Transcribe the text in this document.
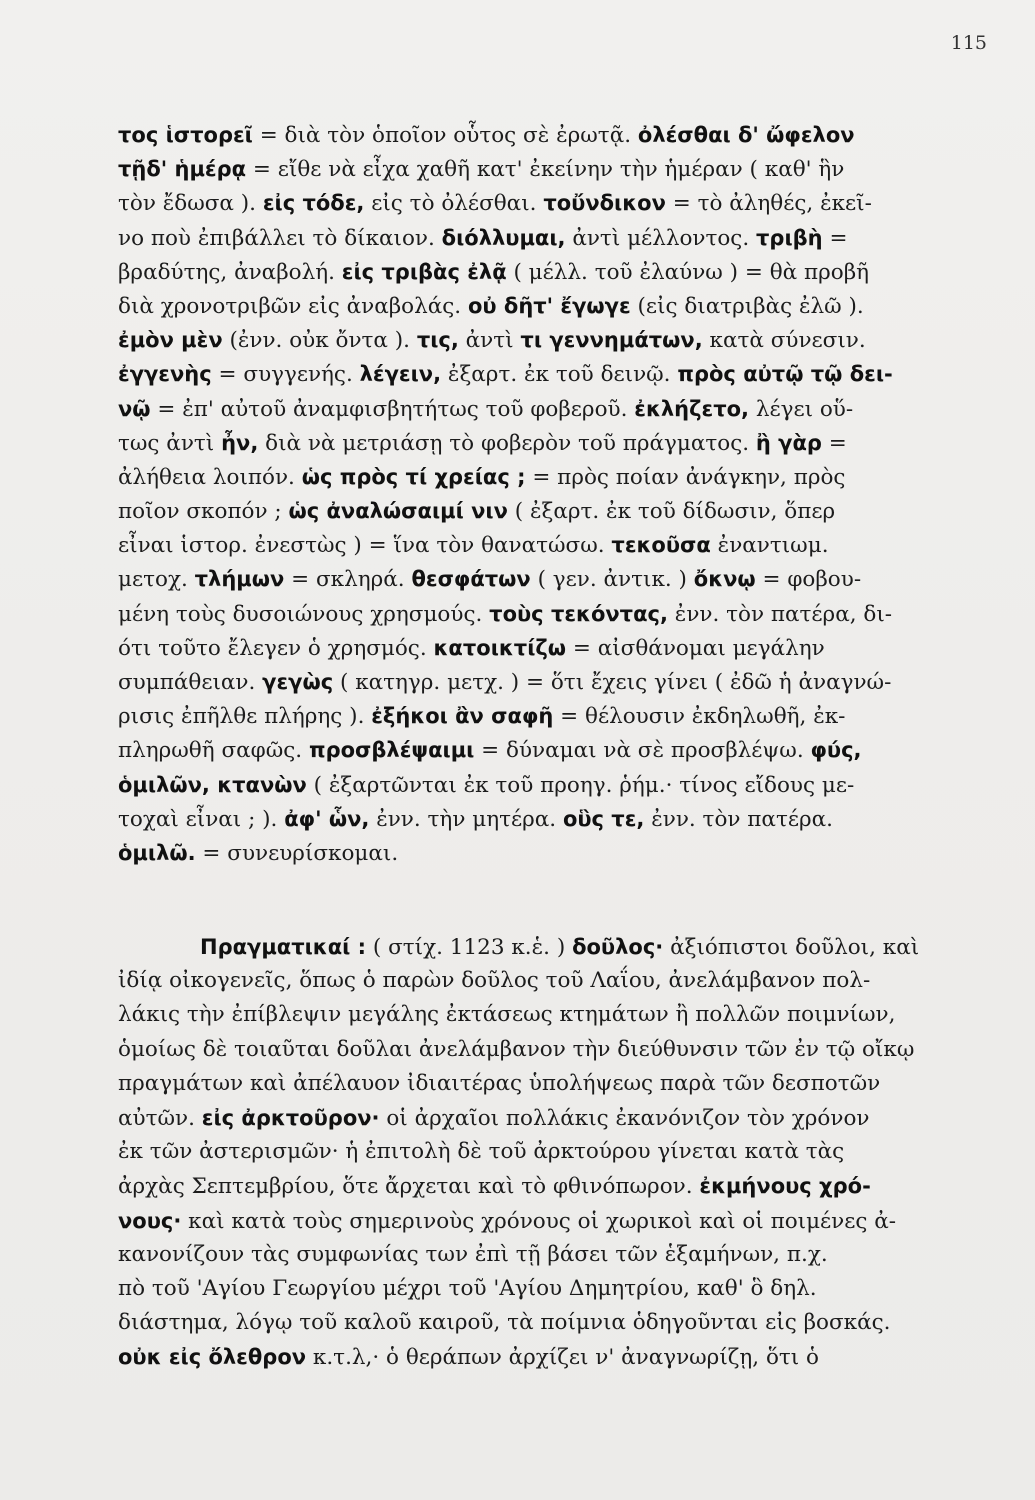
115
τος ἱστορεῖ = διὰ τὸν ὁποῖον οὗτος σὲ ἐρωτᾷ. ὀλέσθαι δ' ὤφελον
τῇδ' ἡμέρᾳ = εἴθε νὰ εἶχα χαθῆ κατ' ἐκείνην τὴν ἡμέραν ( καθ' ἣν
τὸν ἔδωσα ). εἰς τόδε, εἰς τὸ ὀλέσθαι. τοὔνδικον = τὸ ἀληθές, ἐκεῖ-
νο ποὺ ἐπιβάλλει τὸ δίκαιον. διόλλυμαι, ἀντὶ μέλλοντος. τριβὴ =
βραδύτης, ἀναβολή. εἰς τριβὰς ἐλᾷ ( μέλλ. τοῦ ἐλαύνω ) = θὰ προβῆ
διὰ χρονοτριβῶν εἰς ἀναβολάς. οὐ δῆτ' ἔγωγε (εἰς διατριβὰς ἐλῶ ).
ἐμὸν μὲν (ἐνν. οὐκ ὄντα ). τις, ἀντὶ τι γεννημάτων, κατὰ σύνεσιν.
ἐγγενὴς = συγγενής. λέγειν, ἐξαρτ. ἐκ τοῦ δεινῷ. πρὸς αὐτῷ τῷ δει-
νῷ = ἐπ' αὐτοῦ ἀναμφισβητήτως τοῦ φοβεροῦ. ἐκλήζετο, λέγει οὕ-
τως ἀντὶ ἦν, διὰ νὰ μετριάσῃ τὸ φοβερὸν τοῦ πράγματος. ἢ γὰρ =
ἀλήθεια λοιπόν. ὡς πρὸς τί χρείας ; = πρὸς ποίαν ἀνάγκην, πρὸς
ποῖον σκοπόν ; ὡς ἀναλώσαιμί νιν ( ἐξαρτ. ἐκ τοῦ δίδωσιν, ὅπερ
εἶναι ἱστορ. ἐνεστὼς ) = ἵνα τὸν θανατώσω. τεκοῦσα ἐναντιωμ.
μετοχ. τλήμων = σκληρά. θεσφάτων ( γεν. ἀντικ. ) ὄκνῳ = φοβου-
μένη τοὺς δυσοιώνους χρησμούς. τοὺς τεκόντας, ἐνν. τὸν πατέρα, δι-
ότι τοῦτο ἔλεγεν ὁ χρησμός. κατοικτίζω = αἰσθάνομαι μεγάλην
συμπάθειαν. γεγὼς ( κατηγρ. μετχ. ) = ὅτι ἔχεις γίνει ( ἐδῶ ἡ ἀναγνώ-
ρισις ἐπῆλθε πλήρης ). ἐξήκοι ἂν σαφῆ = θέλουσιν ἐκδηλωθῆ, ἐκ-
πληρωθῆ σαφῶς. προσβλέψαιμι = δύναμαι νὰ σὲ προσβλέψω. φύς,
ὁμιλῶν, κτανὼν ( ἐξαρτῶνται ἐκ τοῦ προηγ. ῥήμ.· τίνος εἴδους με-
τοχαὶ εἶναι ; ). ἀφ' ὧν, ἐνν. τὴν μητέρα. οὓς τε, ἐνν. τὸν πατέρα.
ὁμιλῶ. = συνευρίσκομαι.
Πραγματικαί : ( στίχ. 1123 κ.ἑ. ) δοῦλος· ἀξιόπιστοι δοῦλοι, καὶ
ἰδίᾳ οἰκογενεῖς, ὅπως ὁ παρὼν δοῦλος τοῦ Λαΐου, ἀνελάμβανον πολ-
λάκις τὴν ἐπίβλεψιν μεγάλης ἐκτάσεως κτημάτων ἢ πολλῶν ποιμνίων,
ὁμοίως δὲ τοιαῦται δοῦλαι ἀνελάμβανον τὴν διεύθυνσιν τῶν ἐν τῷ οἴκῳ
πραγμάτων καὶ ἀπέλαυον ἰδιαιτέρας ὑπολήψεως παρὰ τῶν δεσποτῶν
αὐτῶν. εἰς ἀρκτοῦρον· οἱ ἀρχαῖοι πολλάκις ἐκανόνιζον τὸν χρόνον
ἐκ τῶν ἀστερισμῶν· ἡ ἐπιτολὴ δὲ τοῦ ἀρκτούρου γίνεται κατὰ τὰς
ἀρχὰς Σεπτεμβρίου, ὅτε ἄρχεται καὶ τὸ φθινόπωρον. ἐκμήνους χρό-
νους· καὶ κατὰ τοὺς σημερινοὺς χρόνους οἱ χωρικοὶ καὶ οἱ ποιμένες ἀ-
κανονίζουν τὰς συμφωνίας των ἐπὶ τῇ βάσει τῶν ἑξαμήνων, π.χ.
πὸ τοῦ 'Αγίου Γεωργίου μέχρι τοῦ 'Αγίου Δημητρίου, καθ' ὃ δηλ.
διάστημα, λόγῳ τοῦ καλοῦ καιροῦ, τὰ ποίμνια ὁδηγοῦνται εἰς βοσκάς.
οὐκ εἰς ὄλεθρον κ.τ.λ,· ὁ θεράπων ἀρχίζει ν' ἀναγνωρίζῃ, ὅτι ὁ
